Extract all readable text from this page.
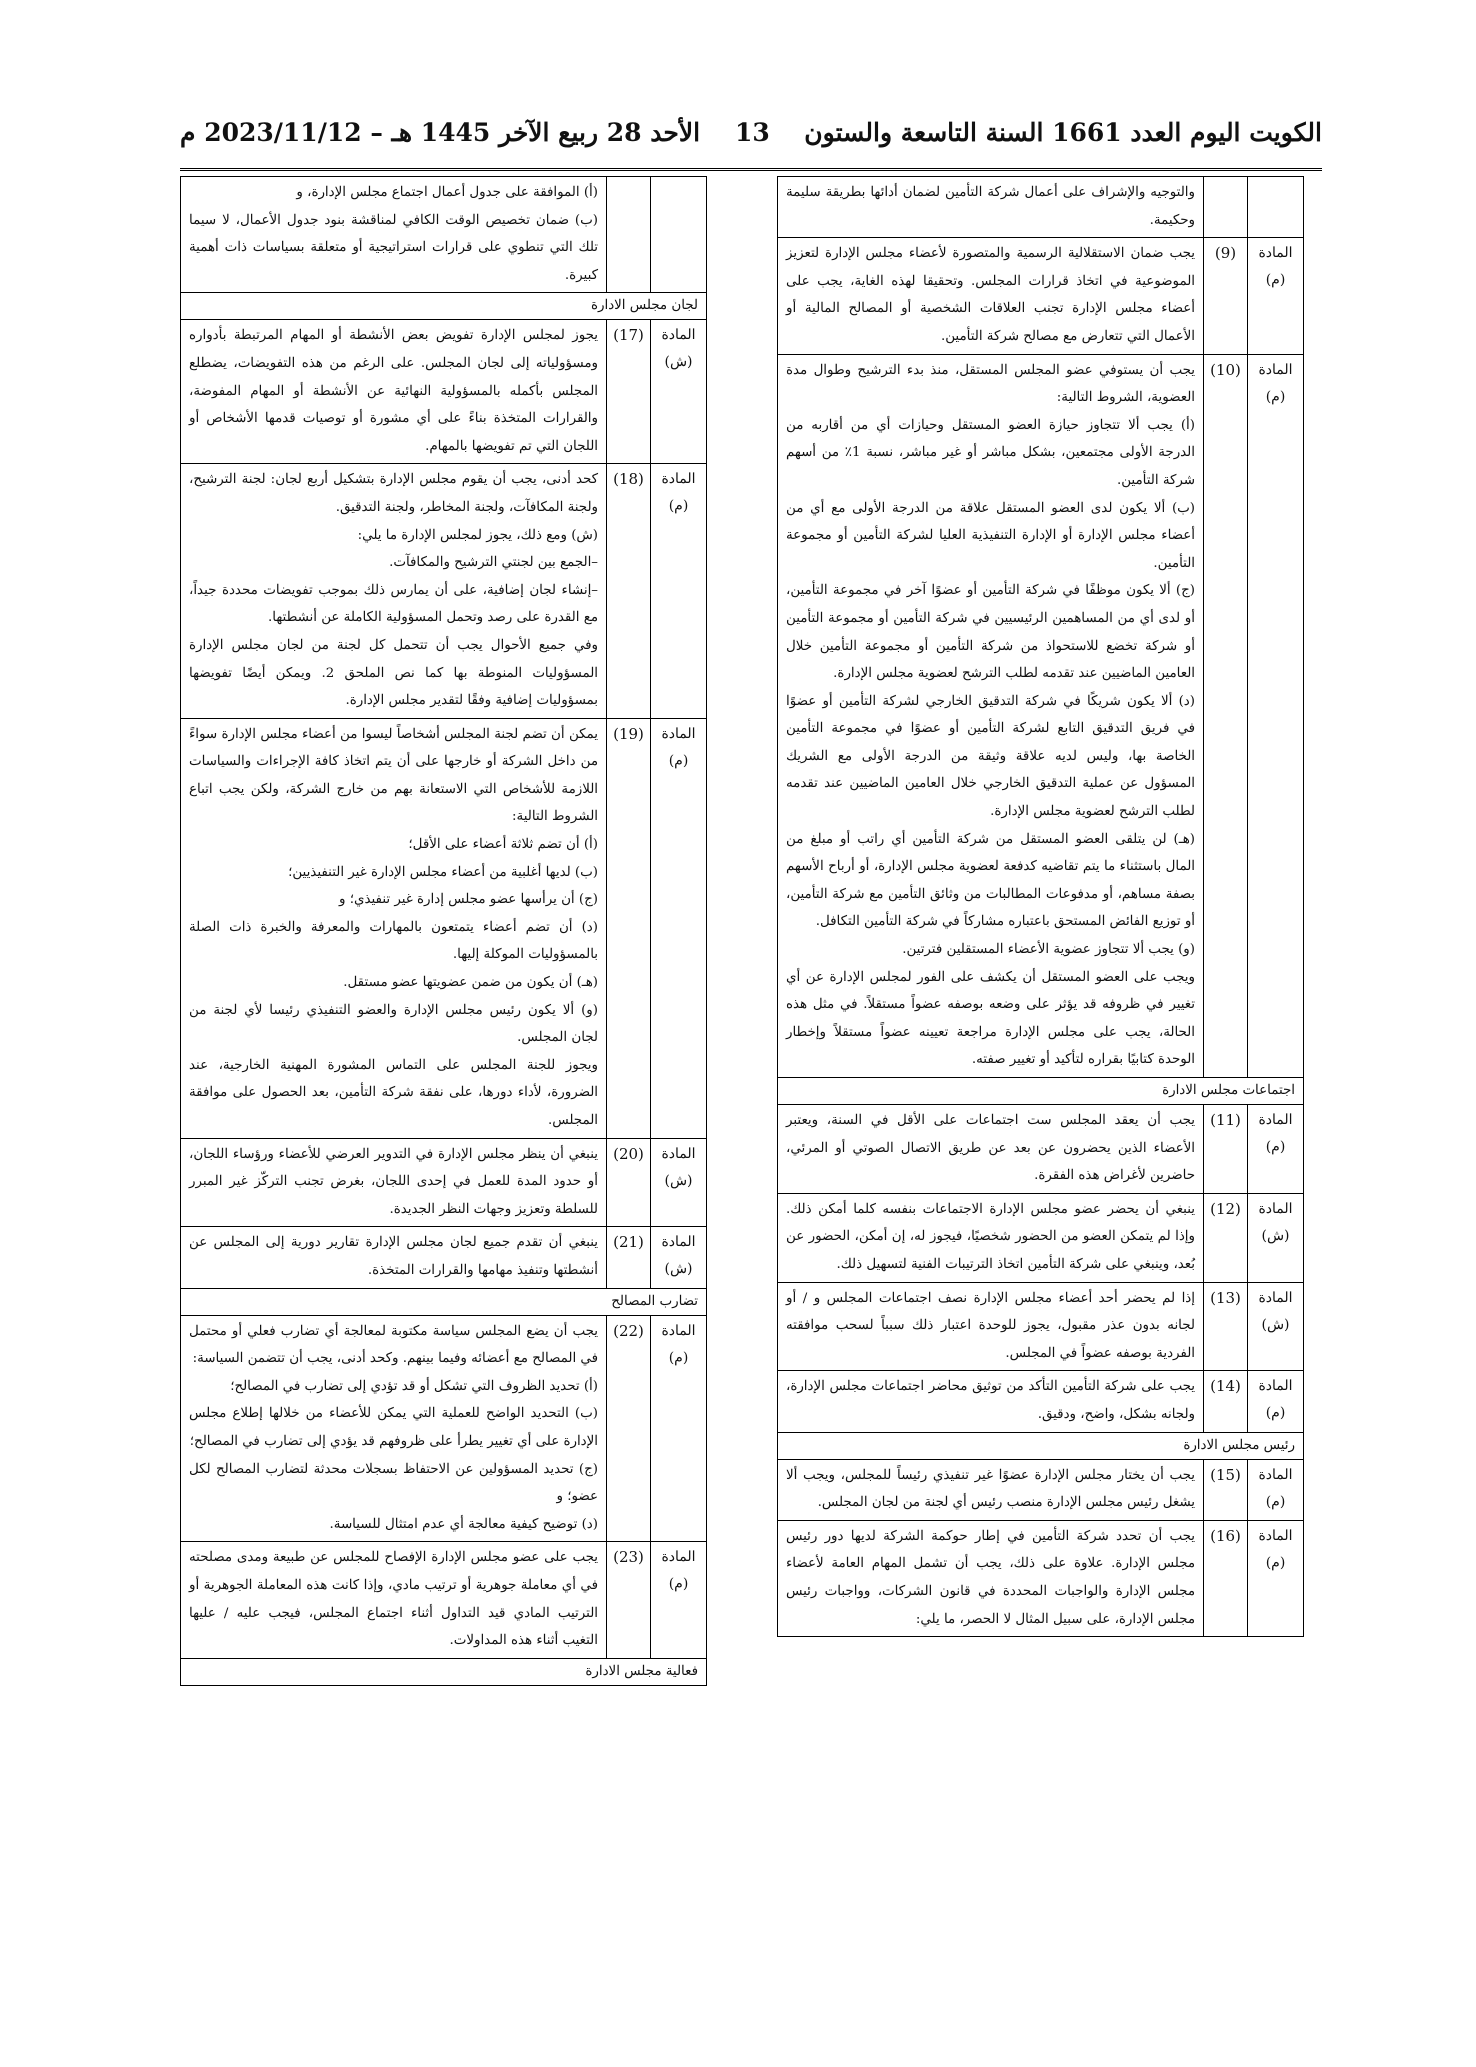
الكويت اليوم العدد 1661 السنة التاسعة والستون
13
الأحد 28 ربيع الآخر 1445 هـ – 2023/11/12 م

والتوجيه والإشراف على أعمال شركة التأمين لضمان أدائها بطريقة سليمة وحكيمة.

المادة
(م)
(9)

يجب ضمان الاستقلالية الرسمية والمتصورة لأعضاء مجلس الإدارة لتعزيز الموضوعية في اتخاذ قرارات المجلس. وتحقيقا لهذه الغاية، يجب على أعضاء مجلس الإدارة تجنب العلاقات الشخصية أو المصالح المالية أو الأعمال التي تتعارض مع مصالح شركة التأمين.

المادة
(م)
(10)

يجب أن يستوفي عضو المجلس المستقل، منذ بدء الترشيح وطوال مدة العضوية، الشروط التالية:

(أ) يجب ألا تتجاوز حيازة العضو المستقل وحيازات أي من أقاربه من الدرجة الأولى مجتمعين، بشكل مباشر أو غير مباشر، نسبة 1٪ من أسهم شركة التأمين.

(ب) ألا يكون لدى العضو المستقل علاقة من الدرجة الأولى مع أي من أعضاء مجلس الإدارة أو الإدارة التنفيذية العليا لشركة التأمين أو مجموعة التأمين.

(ج) ألا يكون موظفًا في شركة التأمين أو عضوًا آخر في مجموعة التأمين، أو لدى أي من المساهمين الرئيسيين في شركة التأمين أو مجموعة التأمين أو شركة تخضع للاستحواذ من شركة التأمين أو مجموعة التأمين خلال العامين الماضيين عند تقدمه لطلب الترشح لعضوية مجلس الإدارة.

(د) ألا يكون شريكًا في شركة التدقيق الخارجي لشركة التأمين أو عضوًا في فريق التدقيق التابع لشركة التأمين أو عضوًا في مجموعة التأمين الخاصة بها، وليس لديه علاقة وثيقة من الدرجة الأولى مع الشريك المسؤول عن عملية التدقيق الخارجي خلال العامين الماضيين عند تقدمه لطلب الترشح لعضوية مجلس الإدارة.

(هـ) لن يتلقى العضو المستقل من شركة التأمين أي راتب أو مبلغ من المال باستثناء ما يتم تقاضيه كدفعة لعضوية مجلس الإدارة، أو أرباح الأسهم بصفة مساهم، أو مدفوعات المطالبات من وثائق التأمين مع شركة التأمين، أو توزيع الفائض المستحق باعتباره مشاركاً في شركة التأمين التكافل.

(و) يجب ألا تتجاوز عضوية الأعضاء المستقلين فترتين.

ويجب على العضو المستقل أن يكشف على الفور لمجلس الإدارة عن أي تغيير في ظروفه قد يؤثر على وضعه بوصفه عضواً مستقلاً. في مثل هذه الحالة، يجب على مجلس الإدارة مراجعة تعيينه عضواً مستقلاً وإخطار الوحدة كتابيًا بقراره لتأكيد أو تغيير صفته.

اجتماعات مجلس الادارة
المادة
(م)
(11)

يجب أن يعقد المجلس ست اجتماعات على الأقل في السنة، ويعتبر الأعضاء الذين يحضرون عن بعد عن طريق الاتصال الصوتي أو المرئي، حاضرين لأغراض هذه الفقرة.

المادة
(ش)
(12)

ينبغي أن يحضر عضو مجلس الإدارة الاجتماعات بنفسه كلما أمكن ذلك. وإذا لم يتمكن العضو من الحضور شخصيًا، فيجوز له، إن أمكن، الحضور عن بُعد، وينبغي على شركة التأمين اتخاذ الترتيبات الفنية لتسهيل ذلك.

المادة
(ش)
(13)

إذا لم يحضر أحد أعضاء مجلس الإدارة نصف اجتماعات المجلس و / أو لجانه بدون عذر مقبول، يجوز للوحدة اعتبار ذلك سبباً لسحب موافقته الفردية بوصفه عضواً في المجلس.

المادة
(م)
(14)

يجب على شركة التأمين التأكد من توثيق محاضر اجتماعات مجلس الإدارة، ولجانه بشكل، واضح، ودقيق.

رئيس مجلس الادارة
المادة
(م)
(15)

يجب أن يختار مجلس الإدارة عضوًا غير تنفيذي رئيساً للمجلس، ويجب ألا يشغل رئيس مجلس الإدارة منصب رئيس أي لجنة من لجان المجلس.

المادة
(م)
(16)

يجب أن تحدد شركة التأمين في إطار حوكمة الشركة لديها دور رئيس مجلس الإدارة. علاوة على ذلك، يجب أن تشمل المهام العامة لأعضاء مجلس الإدارة والواجبات المحددة في قانون الشركات، وواجبات رئيس مجلس الإدارة، على سبيل المثال لا الحصر، ما يلي:

(أ) الموافقة على جدول أعمال اجتماع مجلس الإدارة، و

(ب) ضمان تخصيص الوقت الكافي لمناقشة بنود جدول الأعمال، لا سيما تلك التي تنطوي على قرارات استراتيجية أو متعلقة بسياسات ذات أهمية كبيرة.

لجان مجلس الادارة
المادة
(ش)
(17)

يجوز لمجلس الإدارة تفويض بعض الأنشطة أو المهام المرتبطة بأدواره ومسؤولياته إلى لجان المجلس. على الرغم من هذه التفويضات، يضطلع المجلس بأكمله بالمسؤولية النهائية عن الأنشطة أو المهام المفوضة، والقرارات المتخذة بناءً على أي مشورة أو توصيات قدمها الأشخاص أو اللجان التي تم تفويضها بالمهام.

المادة
(م)
(18)

كحد أدنى، يجب أن يقوم مجلس الإدارة بتشكيل أربع لجان: لجنة الترشيح، ولجنة المكافآت، ولجنة المخاطر، ولجنة التدقيق.

(ش) ومع ذلك، يجوز لمجلس الإدارة ما يلي:

–الجمع بين لجنتي الترشيح والمكافآت.

–إنشاء لجان إضافية، على أن يمارس ذلك بموجب تفويضات محددة جيداً، مع القدرة على رصد وتحمل المسؤولية الكاملة عن أنشطتها.

وفي جميع الأحوال يجب أن تتحمل كل لجنة من لجان مجلس الإدارة المسؤوليات المنوطة بها كما نص الملحق 2. ويمكن أيضًا تفويضها بمسؤوليات إضافية وفقًا لتقدير مجلس الإدارة.

المادة
(م)
(19)

يمكن أن تضم لجنة المجلس أشخاصاً ليسوا من أعضاء مجلس الإدارة سواءً من داخل الشركة أو خارجها على أن يتم اتخاذ كافة الإجراءات والسياسات اللازمة للأشخاص التي الاستعانة بهم من خارج الشركة، ولكن يجب اتباع الشروط التالية:

(أ) أن تضم ثلاثة أعضاء على الأقل؛

(ب) لديها أغلبية من أعضاء مجلس الإدارة غير التنفيذيين؛

(ج) أن يرأسها عضو مجلس إدارة غير تنفيذي؛ و

(د) أن تضم أعضاء يتمتعون بالمهارات والمعرفة والخبرة ذات الصلة بالمسؤوليات الموكلة إليها.

(هـ) أن يكون من ضمن عضويتها عضو مستقل.

(و) ألا يكون رئيس مجلس الإدارة والعضو التنفيذي رئيسا لأي لجنة من لجان المجلس.

ويجوز للجنة المجلس على التماس المشورة المهنية الخارجية، عند الضرورة، لأداء دورها، على نفقة شركة التأمين، بعد الحصول على موافقة المجلس.

المادة
(ش)
(20)

ينبغي أن ينظر مجلس الإدارة في التدوير العرضي للأعضاء ورؤساء اللجان، أو حدود المدة للعمل في إحدى اللجان، بغرض تجنب التركّز غير المبرر للسلطة وتعزيز وجهات النظر الجديدة.

المادة
(ش)
(21)

ينبغي أن تقدم جميع لجان مجلس الإدارة تقارير دورية إلى المجلس عن أنشطتها وتنفيذ مهامها والقرارات المتخذة.

تضارب المصالح
المادة
(م)
(22)

يجب أن يضع المجلس سياسة مكتوبة لمعالجة أي تضارب فعلي أو محتمل في المصالح مع أعضائه وفيما بينهم. وكحد أدنى، يجب أن تتضمن السياسة:

(أ) تحديد الظروف التي تشكل أو قد تؤدي إلى تضارب في المصالح؛

(ب) التحديد الواضح للعملية التي يمكن للأعضاء من خلالها إطلاع مجلس الإدارة على أي تغيير يطرأ على ظروفهم قد يؤدي إلى تضارب في المصالح؛

(ج) تحديد المسؤولين عن الاحتفاظ بسجلات محدثة لتضارب المصالح لكل عضو؛ و

(د) توضيح كيفية معالجة أي عدم امتثال للسياسة.

المادة
(م)
(23)

يجب على عضو مجلس الإدارة الإفصاح للمجلس عن طبيعة ومدى مصلحته في أي معاملة جوهرية أو ترتيب مادي، وإذا كانت هذه المعاملة الجوهرية أو الترتيب المادي قيد التداول أثناء اجتماع المجلس، فيجب عليه / عليها التغيب أثناء هذه المداولات.

فعالية مجلس الادارة
